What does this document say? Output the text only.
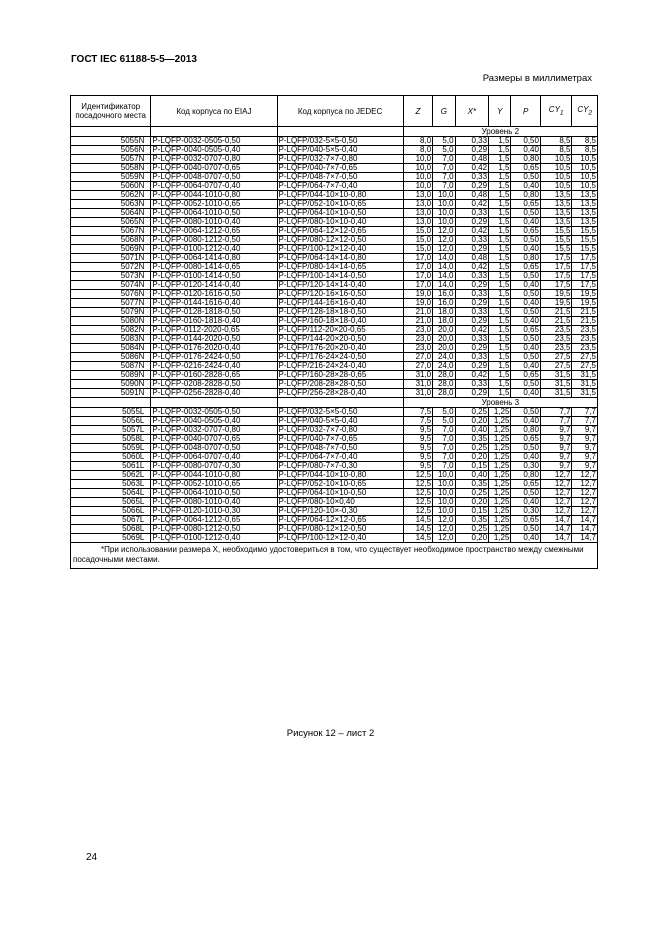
ГОСТ IEC 61188-5-5—2013
Размеры в миллиметрах
Идентификатор посадочного места	Код корпуса по EIAJ	Код корпуса по JEDEC	Z	G	X*	Y	P	$CY_1$	$CY_2$
			Уровень 2						
5055N	P-LQFP-0032-0505-0,50	P-LQFP/032-5×5-0,50	8,0	5,0	0,33	1,5	0,50	8,5	8,5
5056N	P-LQFP-0040-0505-0,40	P-LQFP/040-5×5-0,40	8,0	5,0	0,29	1,5	0,40	8,5	8,5
5057N	P-LQFP-0032-0707-0,80	P-LQFP/032-7×7-0,80	10,0	7,0	0,48	1,5	0,80	10,5	10,5
5058N	P-LQFP-0040-0707-0,65	P-LQFP/040-7×7-0,65	10,0	7,0	0,42	1,5	0,65	10,5	10,5
5059N	P-LQFP-0048-0707-0,50	P-LQFP/048-7×7-0,50	10,0	7,0	0,33	1,5	0,50	10,5	10,5
5060N	P-LQFP-0064-0707-0,40	P-LQFP/064-7×7-0,40	10,0	7,0	0,29	1,5	0,40	10,5	10,5
5062N	P-LQFP-0044-1010-0,80	P-LQFP/044-10×10-0,80	13,0	10,0	0,48	1,5	0,80	13,5	13,5
5063N	P-LQFP-0052-1010-0,65	P-LQFP/052-10×10-0,65	13,0	10,0	0,42	1,5	0,65	13,5	13,5
5064N	P-LQFP-0064-1010-0,50	P-LQFP/064-10×10-0,50	13,0	10,0	0,33	1,5	0,50	13,5	13,5
5065N	P-LQFP-0080-1010-0,40	P-LQFP/080-10×10-0,40	13,0	10,0	0,29	1,5	0,40	13,5	13,5
5067N	P-LQFP-0064-1212-0,65	P-LQFP/064-12×12-0,65	15,0	12,0	0,42	1,5	0,65	15,5	15,5
5068N	P-LQFP-0080-1212-0,50	P-LQFP/080-12×12-0,50	15,0	12,0	0,33	1,5	0,50	15,5	15,5
5069N	P-LQFP-0100-1212-0,40	P-LQFP/100-12×12-0,40	15,0	12,0	0,29	1,5	0,40	15,5	15,5
5071N	P-LQFP-0064-1414-0,80	P-LQFP/064-14×14-0,80	17,0	14,0	0,48	1,5	0,80	17,5	17,5
5072N	P-LQFP-0080-1414-0,65	P-LQFP/080-14×14-0,65	17,0	14,0	0,42	1,5	0,65	17,5	17,5
5073N	P-LQFP-0100-1414-0,50	P-LQFP/100-14×14-0,50	17,0	14,0	0,33	1,5	0,50	17,5	17,5
5074N	P-LQFP-0120-1414-0,40	P-LQFP/120-14×14-0,40	17,0	14,0	0,29	1,5	0,40	17,5	17,5
5076N	P-LQFP-0120-1616-0,50	P-LQFP/120-16×16-0,50	19,0	16,0	0,33	1,5	0,50	19,5	19,5
5077N	P-LQFP-0144-1616-0,40	P-LQFP/144-16×16-0,40	19,0	16,0	0,29	1,5	0,40	19,5	19,5
5079N	P-LQFP-0128-1818-0,50	P-LQFP/128-18×18-0,50	21,0	18,0	0,33	1,5	0,50	21,5	21,5
5080N	P-LQFP-0160-1818-0,40	P-LQFP/160-18×18-0,40	21,0	18,0	0,29	1,5	0,40	21,5	21,5
5082N	P-LQFP-0112-2020-0,65	P-LQFP/112-20×20-0,65	23,0	20,0	0,42	1,5	0,65	23,5	23,5
5083N	P-LQFP-0144-2020-0,50	P-LQFP/144-20×20-0,50	23,0	20,0	0,33	1,5	0,50	23,5	23,5
5084N	P-LQFP-0176-2020-0,40	P-LQFP/176-20×20-0,40	23,0	20,0	0,29	1,5	0,40	23,5	23,5
5086N	P-LQFP-0176-2424-0,50	P-LQFP/176-24×24-0,50	27,0	24,0	0,33	1,5	0,50	27,5	27,5
5087N	P-LQFP-0216-2424-0,40	P-LQFP/216-24×24-0,40	27,0	24,0	0,29	1,5	0,40	27,5	27,5
5089N	P-LQFP-0160-2828-0,65	P-LQFP/160-28×28-0,65	31,0	28,0	0,42	1,5	0,65	31,5	31,5
5090N	P-LQFP-0208-2828-0,50	P-LQFP/208-28×28-0,50	31,0	28,0	0,33	1,5	0,50	31,5	31,5
5091N	P-LQFP-0256-2828-0,40	P-LQFP/256-28×28-0,40	31,0	28,0	0,29	1,5	0,40	31,5	31,5
			Уровень 3						
5055L	P-LQFP-0032-0505-0,50	P-LQFP/032-5×5-0,50	7,5	5,0	0,25	1,25	0,50	7,7	7,7
5056L	P-LQFP-0040-0505-0,40	P-LQFP/040-5×5-0,40	7,5	5,0	0,20	1,25	0,40	7,7	7,7
5057L	P-LQFP-0032-0707-0,80	P-LQFP/032-7×7-0,80	9,5	7,0	0,40	1,25	0,80	9,7	9,7
5058L	P-LQFP-0040-0707-0,65	P-LQFP/040-7×7-0,65	9,5	7,0	0,35	1,25	0,65	9,7	9,7
5059L	P-LQFP-0048-0707-0,50	P-LQFP/048-7×7-0,50	9,5	7,0	0,25	1,25	0,50	9,7	9,7
5060L	P-LQFP-0064-0707-0,40	P-LQFP/064-7×7-0,40	9,5	7,0	0,20	1,25	0,40	9,7	9,7
5061L	P-LQFP-0080-0707-0,30	P-LQFP/080-7×7-0,30	9,5	7,0	0,15	1,25	0,30	9,7	9,7
5062L	P-LQFP-0044-1010-0,80	P-LQFP/044-10×10-0,80	12,5	10,0	0,40	1,25	0,80	12,7	12,7
5063L	P-LQFP-0052-1010-0,65	P-LQFP/052-10×10-0,65	12,5	10,0	0,35	1,25	0,65	12,7	12,7
5064L	P-LQFP-0064-1010-0,50	P-LQFP/064-10×10-0,50	12,5	10,0	0,25	1,25	0,50	12,7	12,7
5065L	P-LQFP-0080-1010-0,40	P-LQFP/080-10×0,40	12,5	10,0	0,20	1,25	0,40	12,7	12,7
5066L	P-LQFP-0120-1010-0,30	P-LQFP/120-10×-0,30	12,5	10,0	0,15	1,25	0,30	12,7	12,7
5067L	P-LQFP-0064-1212-0,65	P-LQFP/064-12×12-0,65	14,5	12,0	0,35	1,25	0,65	14,7	14,7
5068L	P-LQFP-0080-1212-0,50	P-LQFP/080-12×12-0,50	14,5	12,0	0,25	1,25	0,50	14,7	14,7
5069L	P-LQFP-0100-1212-0,40	P-LQFP/100-12×12-0,40	14,5	12,0	0,20	1,25	0,40	14,7	14,7
*При использовании размера X, необходимо удостовериться в том, что существует необходимое пространство между смежными посадочными местами.									
Рисунок 12 – лист 2
24
